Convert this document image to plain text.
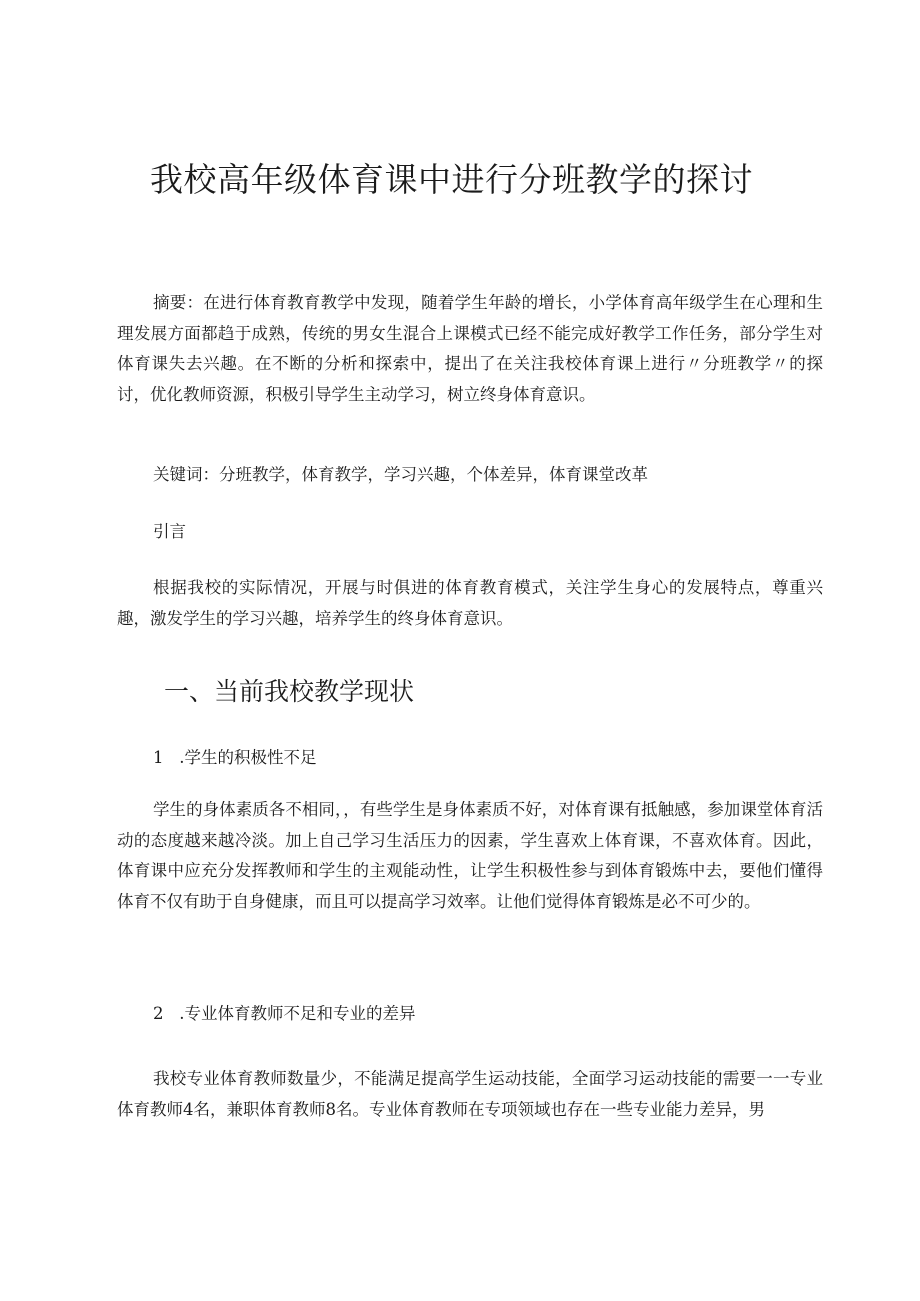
我校高年级体育课中进行分班教学的探讨

摘要：在进行体育教育教学中发现，随着学生年龄的增长，小学体育高年级学生在心理和生理发展方面都趋于成熟，传统的男女生混合上课模式已经不能完成好教学工作任务，部分学生对体育课失去兴趣。在不断的分析和探索中，提出了在关注我校体育课上进行〃分班教学〃的探讨，优化教师资源，积极引导学生主动学习，树立终身体育意识。

关键词：分班教学，体育教学，学习兴趣，个体差异，体育课堂改革

引言

根据我校的实际情况，开展与时俱进的体育教育模式，关注学生身心的发展特点，尊重兴趣，激发学生的学习兴趣，培养学生的终身体育意识。

一、当前我校教学现状

1   .学生的积极性不足

学生的身体素质各不相同，，有些学生是身体素质不好，对体育课有抵触感，参加课堂体育活动的态度越来越冷淡。加上自己学习生活压力的因素，学生喜欢上体育课，不喜欢体育。因此，体育课中应充分发挥教师和学生的主观能动性，让学生积极性参与到体育锻炼中去，要他们懂得体育不仅有助于自身健康，而且可以提高学习效率。让他们觉得体育锻炼是必不可少的。

2   .专业体育教师不足和专业的差异

我校专业体育教师数量少，不能满足提高学生运动技能，全面学习运动技能的需要一一专业体育教师4名，兼职体育教师8名。专业体育教师在专项领域也存在一些专业能力差异，男
